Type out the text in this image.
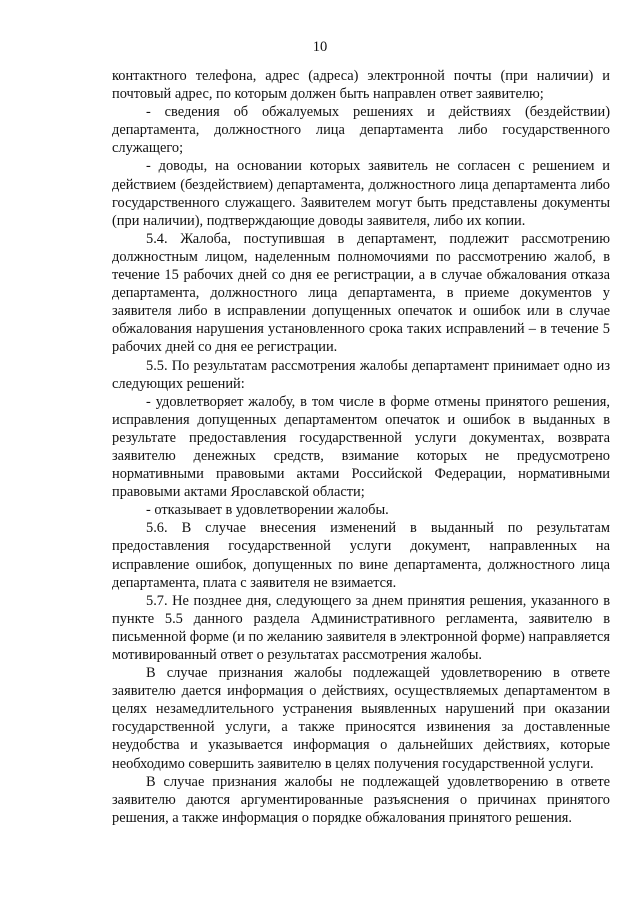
10

контактного телефона, адрес (адреса) электронной почты (при наличии) и почтовый адрес, по которым должен быть направлен ответ заявителю;

- сведения об обжалуемых решениях и действиях (бездействии) департамента, должностного лица департамента либо государственного служащего;

- доводы, на основании которых заявитель не согласен с решением и действием (бездействием) департамента, должностного лица департамента либо государственного служащего. Заявителем могут быть представлены документы (при наличии), подтверждающие доводы заявителя, либо их копии.

5.4. Жалоба, поступившая в департамент, подлежит рассмотрению должностным лицом, наделенным полномочиями по рассмотрению жалоб, в течение 15 рабочих дней со дня ее регистрации, а в случае обжалования отказа департамента, должностного лица департамента, в приеме документов у заявителя либо в исправлении допущенных опечаток и ошибок или в случае обжалования нарушения установленного срока таких исправлений – в течение 5 рабочих дней со дня ее регистрации.

5.5. По результатам рассмотрения жалобы департамент принимает одно из следующих решений:

- удовлетворяет жалобу, в том числе в форме отмены принятого решения, исправления допущенных департаментом опечаток и ошибок в выданных в результате предоставления государственной услуги документах, возврата заявителю денежных средств, взимание которых не предусмотрено нормативными правовыми актами Российской Федерации, нормативными правовыми актами Ярославской области;

- отказывает в удовлетворении жалобы.

5.6. В случае внесения изменений в выданный по результатам предоставления государственной услуги документ, направленных на исправление ошибок, допущенных по вине департамента, должностного лица департамента, плата с заявителя не взимается.

5.7. Не позднее дня, следующего за днем принятия решения, указанного в пункте 5.5 данного раздела Административного регламента, заявителю в письменной форме (и по желанию заявителя в электронной форме) направляется мотивированный ответ о результатах рассмотрения жалобы.

В случае признания жалобы подлежащей удовлетворению в ответе заявителю дается информация о действиях, осуществляемых департаментом в целях незамедлительного устранения выявленных нарушений при оказании государственной услуги, а также приносятся извинения за доставленные неудобства и указывается информация о дальнейших действиях, которые необходимо совершить заявителю в целях получения государственной услуги.

В случае признания жалобы не подлежащей удовлетворению в ответе заявителю даются аргументированные разъяснения о причинах принятого решения, а также информация о порядке обжалования принятого решения.
